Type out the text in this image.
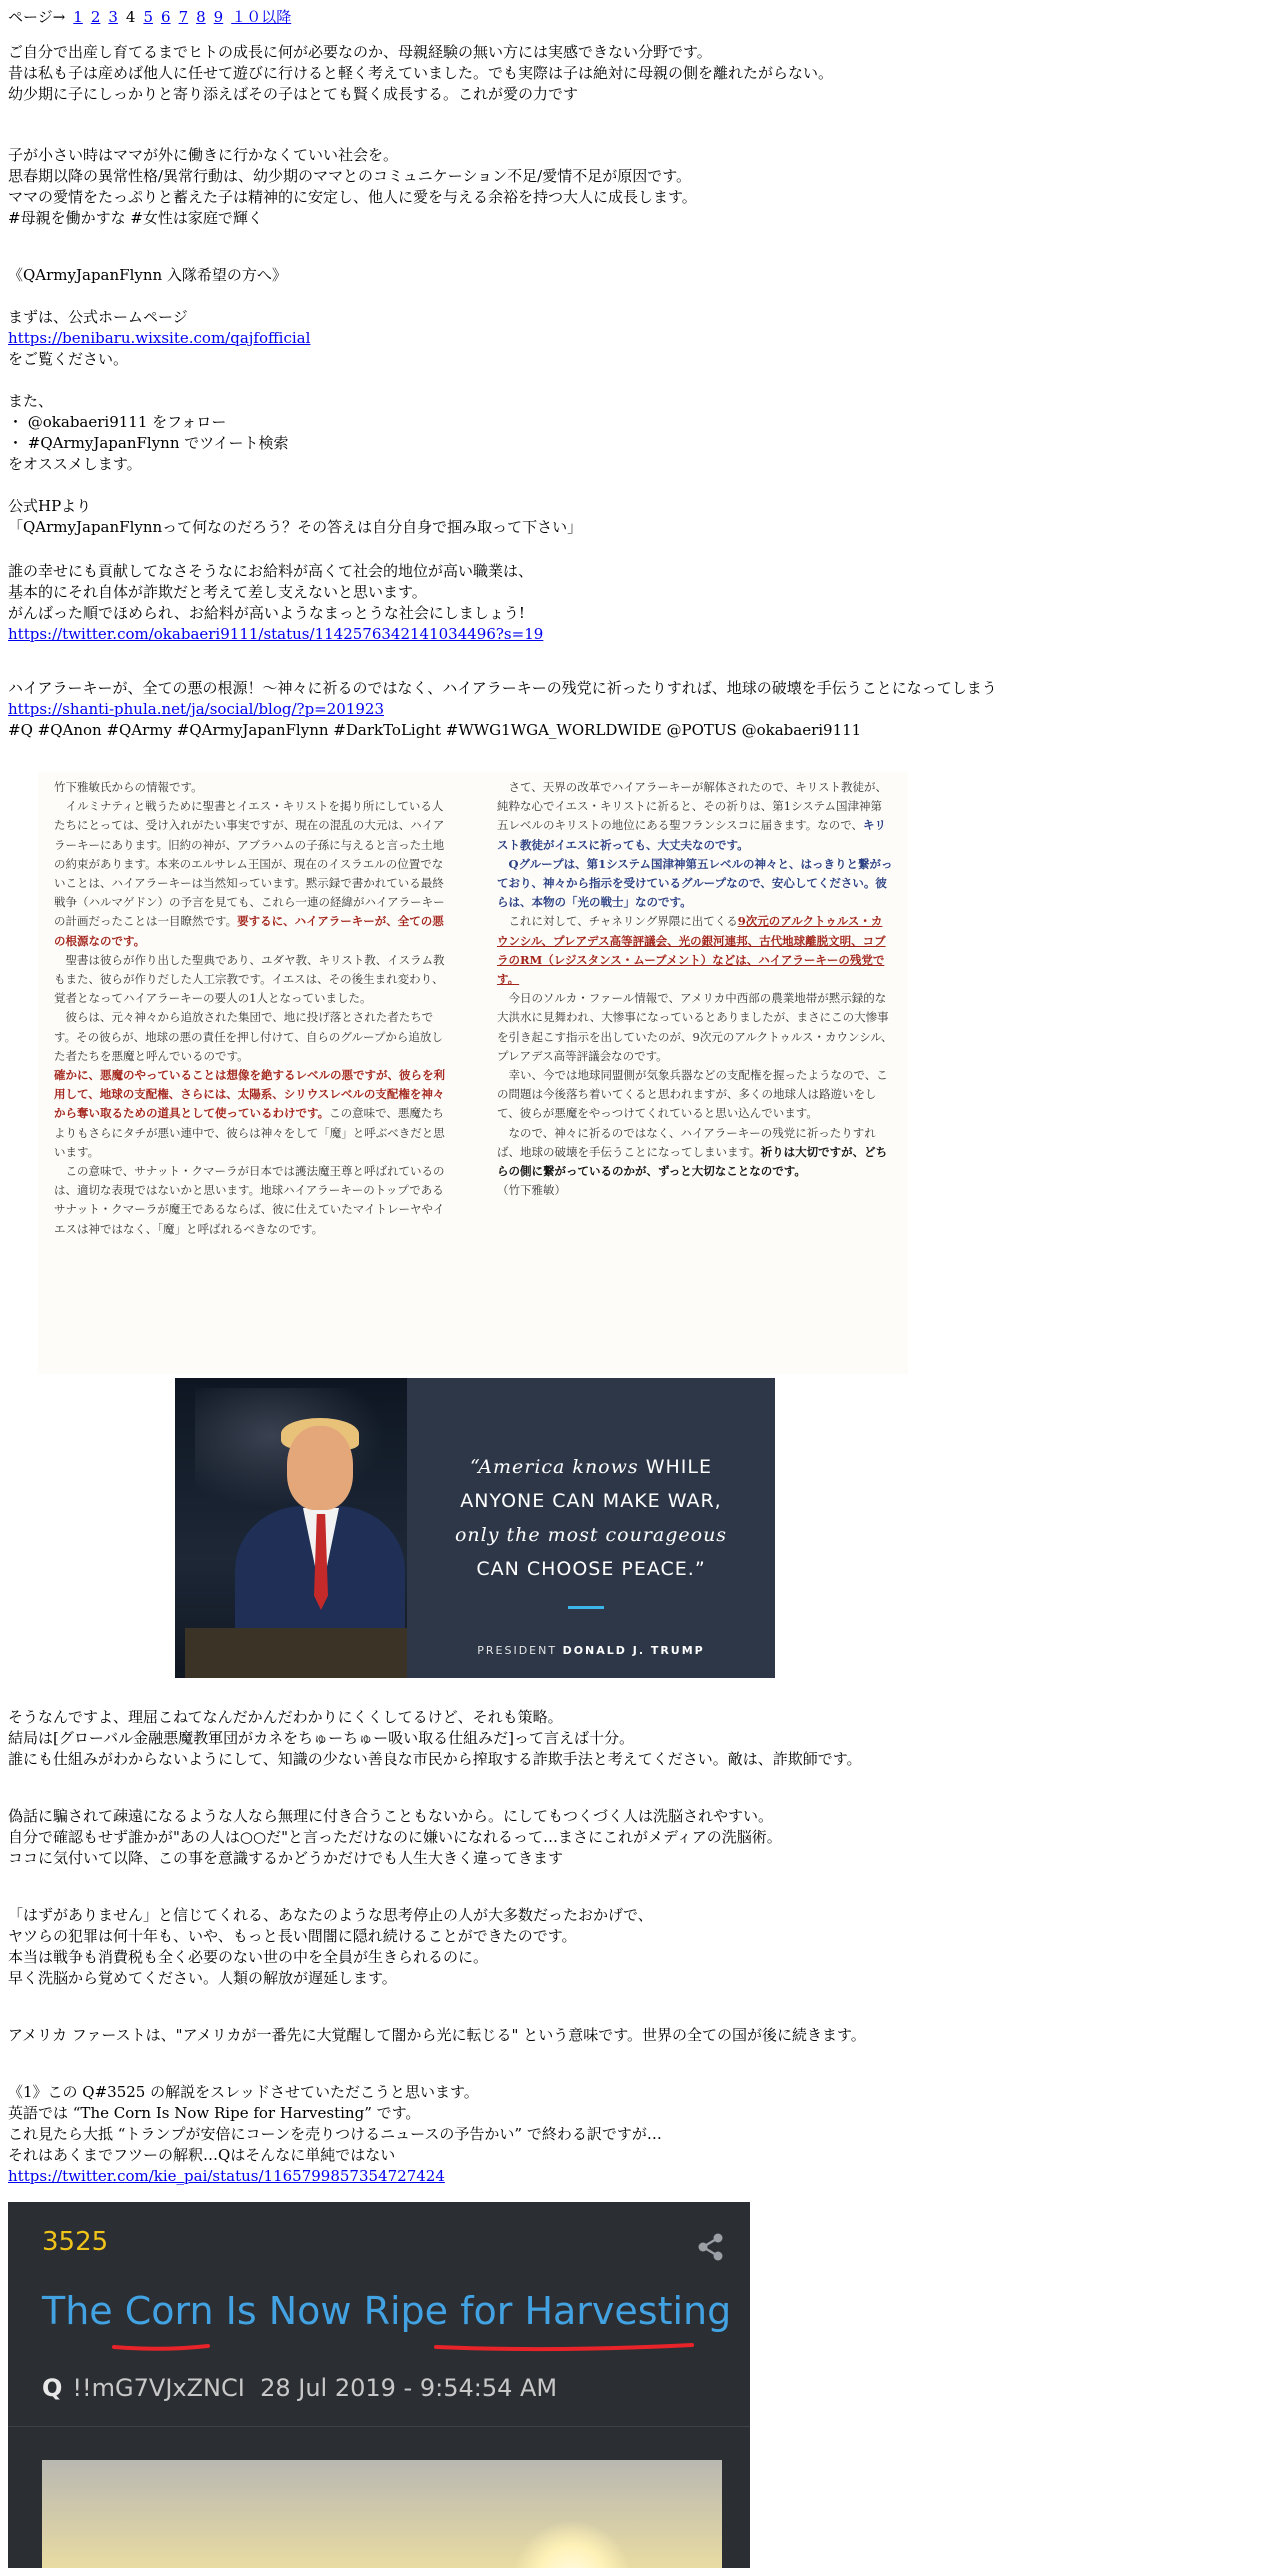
ページ→ 1 2 3 4 5 6 7 8 9 １０以降

ご自分で出産し育てるまでヒトの成長に何が必要なのか、母親経験の無い方には実感できない分野です。

昔は私も子は産めば他人に任せて遊びに行けると軽く考えていました。でも実際は子は絶対に母親の側を離れたがらない。

幼少期に子にしっかりと寄り添えばその子はとても賢く成長する。これが愛の力です

子が小さい時はママが外に働きに行かなくていい社会を。

思春期以降の異常性格/異常行動は、幼少期のママとのコミュニケーション不足/愛情不足が原因です。

ママの愛情をたっぷりと蓄えた子は精神的に安定し、他人に愛を与える余裕を持つ大人に成長します。

#母親を働かすな #女性は家庭で輝く

《QArmyJapanFlynn 入隊希望の方へ》

まずは、公式ホームページ

https://benibaru.wixsite.com/qajfofficial

をご覧ください。

また、

・ @okabaeri9111 をフォロー

・ #QArmyJapanFlynn でツイート検索

をオススメします。

公式HPより

「QArmyJapanFlynnって何なのだろう？その答えは自分自身で掴み取って下さい」

誰の幸せにも貢献してなさそうなにお給料が高くて社会的地位が高い職業は、

基本的にそれ自体が詐欺だと考えて差し支えないと思います。

がんばった順でほめられ、お給料が高いようなまっとうな社会にしましょう!

https://twitter.com/okabaeri9111/status/1142576342141034496?s=19

ハイアラーキーが、全ての悪の根源！～神々に祈るのではなく、ハイアラーキーの残党に祈ったりすれば、地球の破壊を手伝うことになってしまう

https://shanti-phula.net/ja/social/blog/?p=201923

#Q #QAnon #QArmy #QArmyJapanFlynn #DarkToLight #WWG1WGA_WORLDWIDE @POTUS @okabaeri9111

竹下雅敏氏からの情報です。

イルミナティと戦うために聖書とイエス・キリストを掲り所にしている人たちにとっては、受け入れがたい事実ですが、現在の混乱の大元は、ハイアラーキーにあります。旧約の神が、アブラハムの子孫に与えると言った土地の約束があります。本来のエルサレム王国が、現在のイスラエルの位置でないことは、ハイアラーキーは当然知っています。黙示録で書かれている最終戦争（ハルマゲドン）の予言を見ても、これら一連の経緯がハイアラーキーの計画だったことは一目瞭然です。要するに、ハイアラーキーが、全ての悪の根源なのです。

聖書は彼らが作り出した聖典であり、ユダヤ教、キリスト教、イスラム教もまた、彼らが作りだした人工宗教です。イエスは、その後生まれ変わり、覚者となってハイアラーキーの要人の1人となっていました。

彼らは、元々神々から追放された集団で、地に投げ落とされた者たちです。その彼らが、地球の悪の責任を押し付けて、自らのグループから追放した者たちを悪魔と呼んでいるのです。

確かに、悪魔のやっていることは想像を絶するレベルの悪ですが、彼らを利用して、地球の支配権、さらには、太陽系、シリウスレベルの支配権を神々から奪い取るための道具として使っているわけです。この意味で、悪魔たちよりもさらにタチが悪い連中で、彼らは神々をして「魔」と呼ぶべきだと思います。

この意味で、サナット・クマーラが日本では護法魔王尊と呼ばれているのは、適切な表現ではないかと思います。地球ハイアラーキーのトップであるサナット・クマーラが魔王であるならば、彼に仕えていたマイトレーヤやイエスは神ではなく、「魔」と呼ばれるべきなのです。

さて、天界の改革でハイアラーキーが解体されたので、キリスト教徒が、純粋な心でイエス・キリストに祈ると、その祈りは、第1システム国津神第五レベルのキリストの地位にある聖フランシスコに届きます。なので、キリスト教徒がイエスに祈っても、大丈夫なのです。

Qグループは、第1システム国津神第五レベルの神々と、はっきりと繋がっており、神々から指示を受けているグループなので、安心してください。彼らは、本物の「光の戦士」なのです。

これに対して、チャネリング界隈に出てくる9次元のアルクトゥルス・カウンシル、プレアデス高等評議会、光の銀河連邦、古代地球離脱文明、コブラのRM（レジスタンス・ムーブメント）などは、ハイアラーキーの残党です。

今日のソルカ・ファール情報で、アメリカ中西部の農業地帯が黙示録的な大洪水に見舞われ、大惨事になっているとありましたが、まさにこの大惨事を引き起こす指示を出していたのが、9次元のアルクトゥルス・カウンシル、プレアデス高等評議会なのです。

幸い、今では地球同盟側が気象兵器などの支配権を握ったようなので、この問題は今後落ち着いてくると思われますが、多くの地球人は路遊いをして、彼らが悪魔をやっつけてくれていると思い込んでいます。

なので、神々に祈るのではなく、ハイアラーキーの残党に祈ったりすれば、地球の破壊を手伝うことになってしまいます。祈りは大切ですが、どちらの側に繋がっているのかが、ずっと大切なことなのです。

（竹下雅敏）

“America knows WHILE
ANYONE CAN MAKE WAR,
only the most courageous
CAN CHOOSE PEACE.”
PRESIDENT DONALD J. TRUMP

そうなんですよ、理屈こねてなんだかんだわかりにくくしてるけど、それも策略。

結局は[グローバル金融悪魔教軍団がカネをちゅーちゅー吸い取る仕組みだ]って言えば十分。

誰にも仕組みがわからないようにして、知識の少ない善良な市民から搾取する詐欺手法と考えてください。敵は、詐欺師です。

偽話に騙されて疎遠になるような人なら無理に付き合うこともないから。にしてもつくづく人は洗脳されやすい。

自分で確認もせず誰かが"あの人は○○だ"と言っただけなのに嫌いになれるって…まさにこれがメディアの洗脳術。

ココに気付いて以降、この事を意識するかどうかだけでも人生大きく違ってきます

「はずがありません」と信じてくれる、あなたのような思考停止の人が大多数だったおかげで、

ヤツらの犯罪は何十年も、いや、もっと長い間闇に隠れ続けることができたのです。

本当は戦争も消費税も全く必要のない世の中を全員が生きられるのに。

早く洗脳から覚めてください。人類の解放が遅延します。

アメリカ ファーストは、"アメリカが一番先に大覚醒して闇から光に転じる" という意味です。世界の全ての国が後に続きます。

《1》この Q#3525 の解説をスレッドさせていただこうと思います。

英語では “The Corn Is Now Ripe for Harvesting” です。

これ見たら大抵 “トランプが安倍にコーンを売りつけるニュースの予告かい” で終わる訳ですが…

それはあくまでフツーの解釈…Qはそんなに単純ではない

https://twitter.com/kie_pai/status/1165799857354727424

3525
The Corn Is Now Ripe for Harvesting
Q !!mG7VJxZNCI 28 Jul 2019 - 9:54:54 AM
